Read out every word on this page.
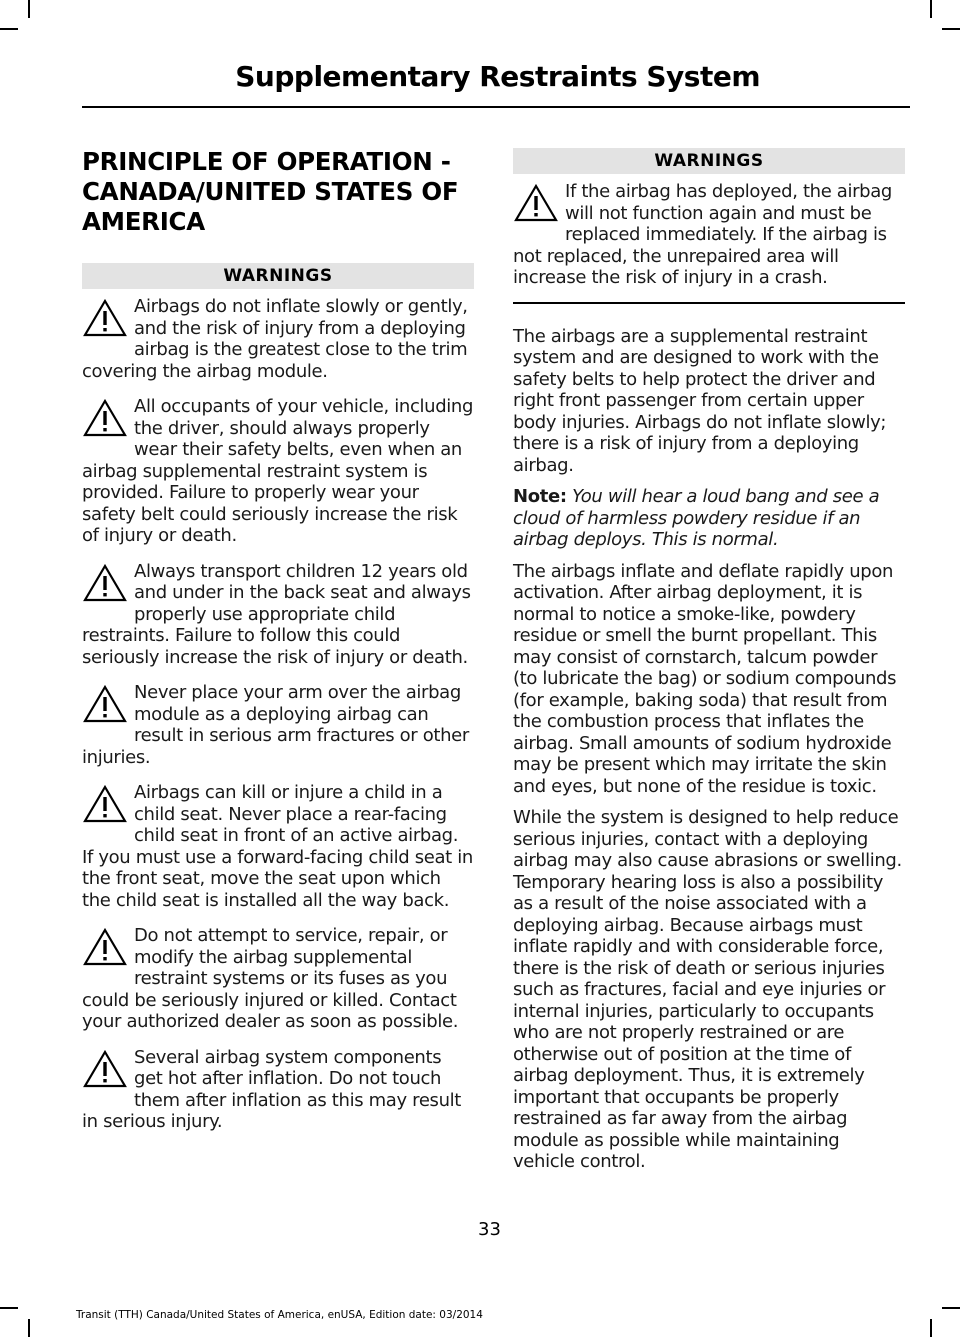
Supplementary Restraints System
PRINCIPLE OF OPERATION - CANADA/UNITED STATES OF AMERICA
WARNINGS

Airbags do not inflate slowly or gently, and the risk of injury from a deploying airbag is the greatest close to the trim covering the airbag module.

All occupants of your vehicle, including the driver, should always properly wear their safety belts, even when an airbag supplemental restraint system is provided. Failure to properly wear your safety belt could seriously increase the risk of injury or death.

Always transport children 12 years old and under in the back seat and always properly use appropriate child restraints. Failure to follow this could seriously increase the risk of injury or death.

Never place your arm over the airbag module as a deploying airbag can result in serious arm fractures or other injuries.

Airbags can kill or injure a child in a child seat. Never place a rear-facing child seat in front of an active airbag. If you must use a forward-facing child seat in the front seat, move the seat upon which the child seat is installed all the way back.

Do not attempt to service, repair, or modify the airbag supplemental restraint systems or its fuses as you could be seriously injured or killed. Contact your authorized dealer as soon as possible.

Several airbag system components get hot after inflation. Do not touch them after inflation as this may result in serious injury.

WARNINGS

If the airbag has deployed, the airbag will not function again and must be replaced immediately. If the airbag is not replaced, the unrepaired area will increase the risk of injury in a crash.

The airbags are a supplemental restraint system and are designed to work with the safety belts to help protect the driver and right front passenger from certain upper body injuries. Airbags do not inflate slowly; there is a risk of injury from a deploying airbag.

Note: You will hear a loud bang and see a cloud of harmless powdery residue if an airbag deploys. This is normal.

The airbags inflate and deflate rapidly upon activation. After airbag deployment, it is normal to notice a smoke-like, powdery residue or smell the burnt propellant. This may consist of cornstarch, talcum powder (to lubricate the bag) or sodium compounds (for example, baking soda) that result from the combustion process that inflates the airbag. Small amounts of sodium hydroxide may be present which may irritate the skin and eyes, but none of the residue is toxic.

While the system is designed to help reduce serious injuries, contact with a deploying airbag may also cause abrasions or swelling. Temporary hearing loss is also a possibility as a result of the noise associated with a deploying airbag. Because airbags must inflate rapidly and with considerable force, there is the risk of death or serious injuries such as fractures, facial and eye injuries or internal injuries, particularly to occupants who are not properly restrained or are otherwise out of position at the time of airbag deployment. Thus, it is extremely important that occupants be properly restrained as far away from the airbag module as possible while maintaining vehicle control.

33
Transit (TTH) Canada/United States of America, enUSA, Edition date: 03/2014
